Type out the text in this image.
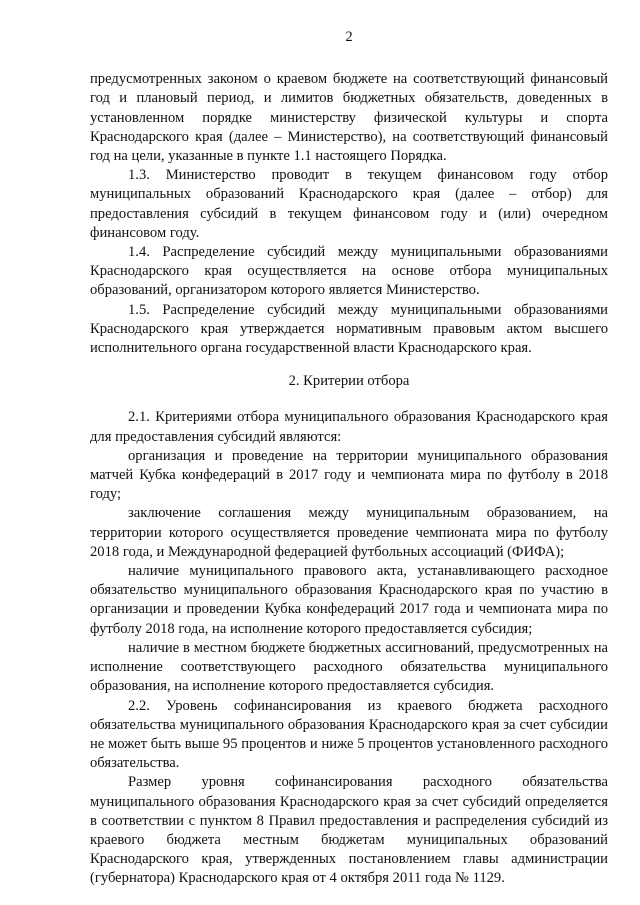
2

предусмотренных законом о краевом бюджете на соответствующий финансовый год и плановый период, и лимитов бюджетных обязательств, доведенных в установленном порядке министерству физической культуры и спорта Краснодарского края (далее – Министерство), на соответствующий финансовый год на цели, указанные в пункте 1.1 настоящего Порядка.

1.3. Министерство проводит в текущем финансовом году отбор муниципальных образований Краснодарского края (далее – отбор) для предоставления субсидий в текущем финансовом году и (или) очередном финансовом году.

1.4. Распределение субсидий между муниципальными образованиями Краснодарского края осуществляется на основе отбора муниципальных образований, организатором которого является Министерство.

1.5. Распределение субсидий между муниципальными образованиями Краснодарского края утверждается нормативным правовым актом высшего исполнительного органа государственной власти Краснодарского края.

2. Критерии отбора

2.1. Критериями отбора муниципального образования Краснодарского края для предоставления субсидий являются:

организация и проведение на территории муниципального образования матчей Кубка конфедераций в 2017 году и чемпионата мира по футболу в 2018 году;

заключение соглашения между муниципальным образованием, на территории которого осуществляется проведение чемпионата мира по футболу 2018 года, и Международной федерацией футбольных ассоциаций (ФИФА);

наличие муниципального правового акта, устанавливающего расходное обязательство муниципального образования Краснодарского края по участию в организации и проведении Кубка конфедераций 2017 года и чемпионата мира по футболу 2018 года, на исполнение которого предоставляется субсидия;

наличие в местном бюджете бюджетных ассигнований, предусмотренных на исполнение соответствующего расходного обязательства муниципального образования, на исполнение которого предоставляется субсидия.

2.2. Уровень софинансирования из краевого бюджета расходного обязательства муниципального образования Краснодарского края за счет субсидии не может быть выше 95 процентов и ниже 5 процентов установленного расходного обязательства.

Размер уровня софинансирования расходного обязательства муниципального образования Краснодарского края за счет субсидий определяется в соответствии с пунктом 8 Правил предоставления и распределения субсидий из краевого бюджета местным бюджетам муниципальных образований Краснодарского края, утвержденных постановлением главы администрации (губернатора) Краснодарского края от 4 октября 2011 года № 1129.
